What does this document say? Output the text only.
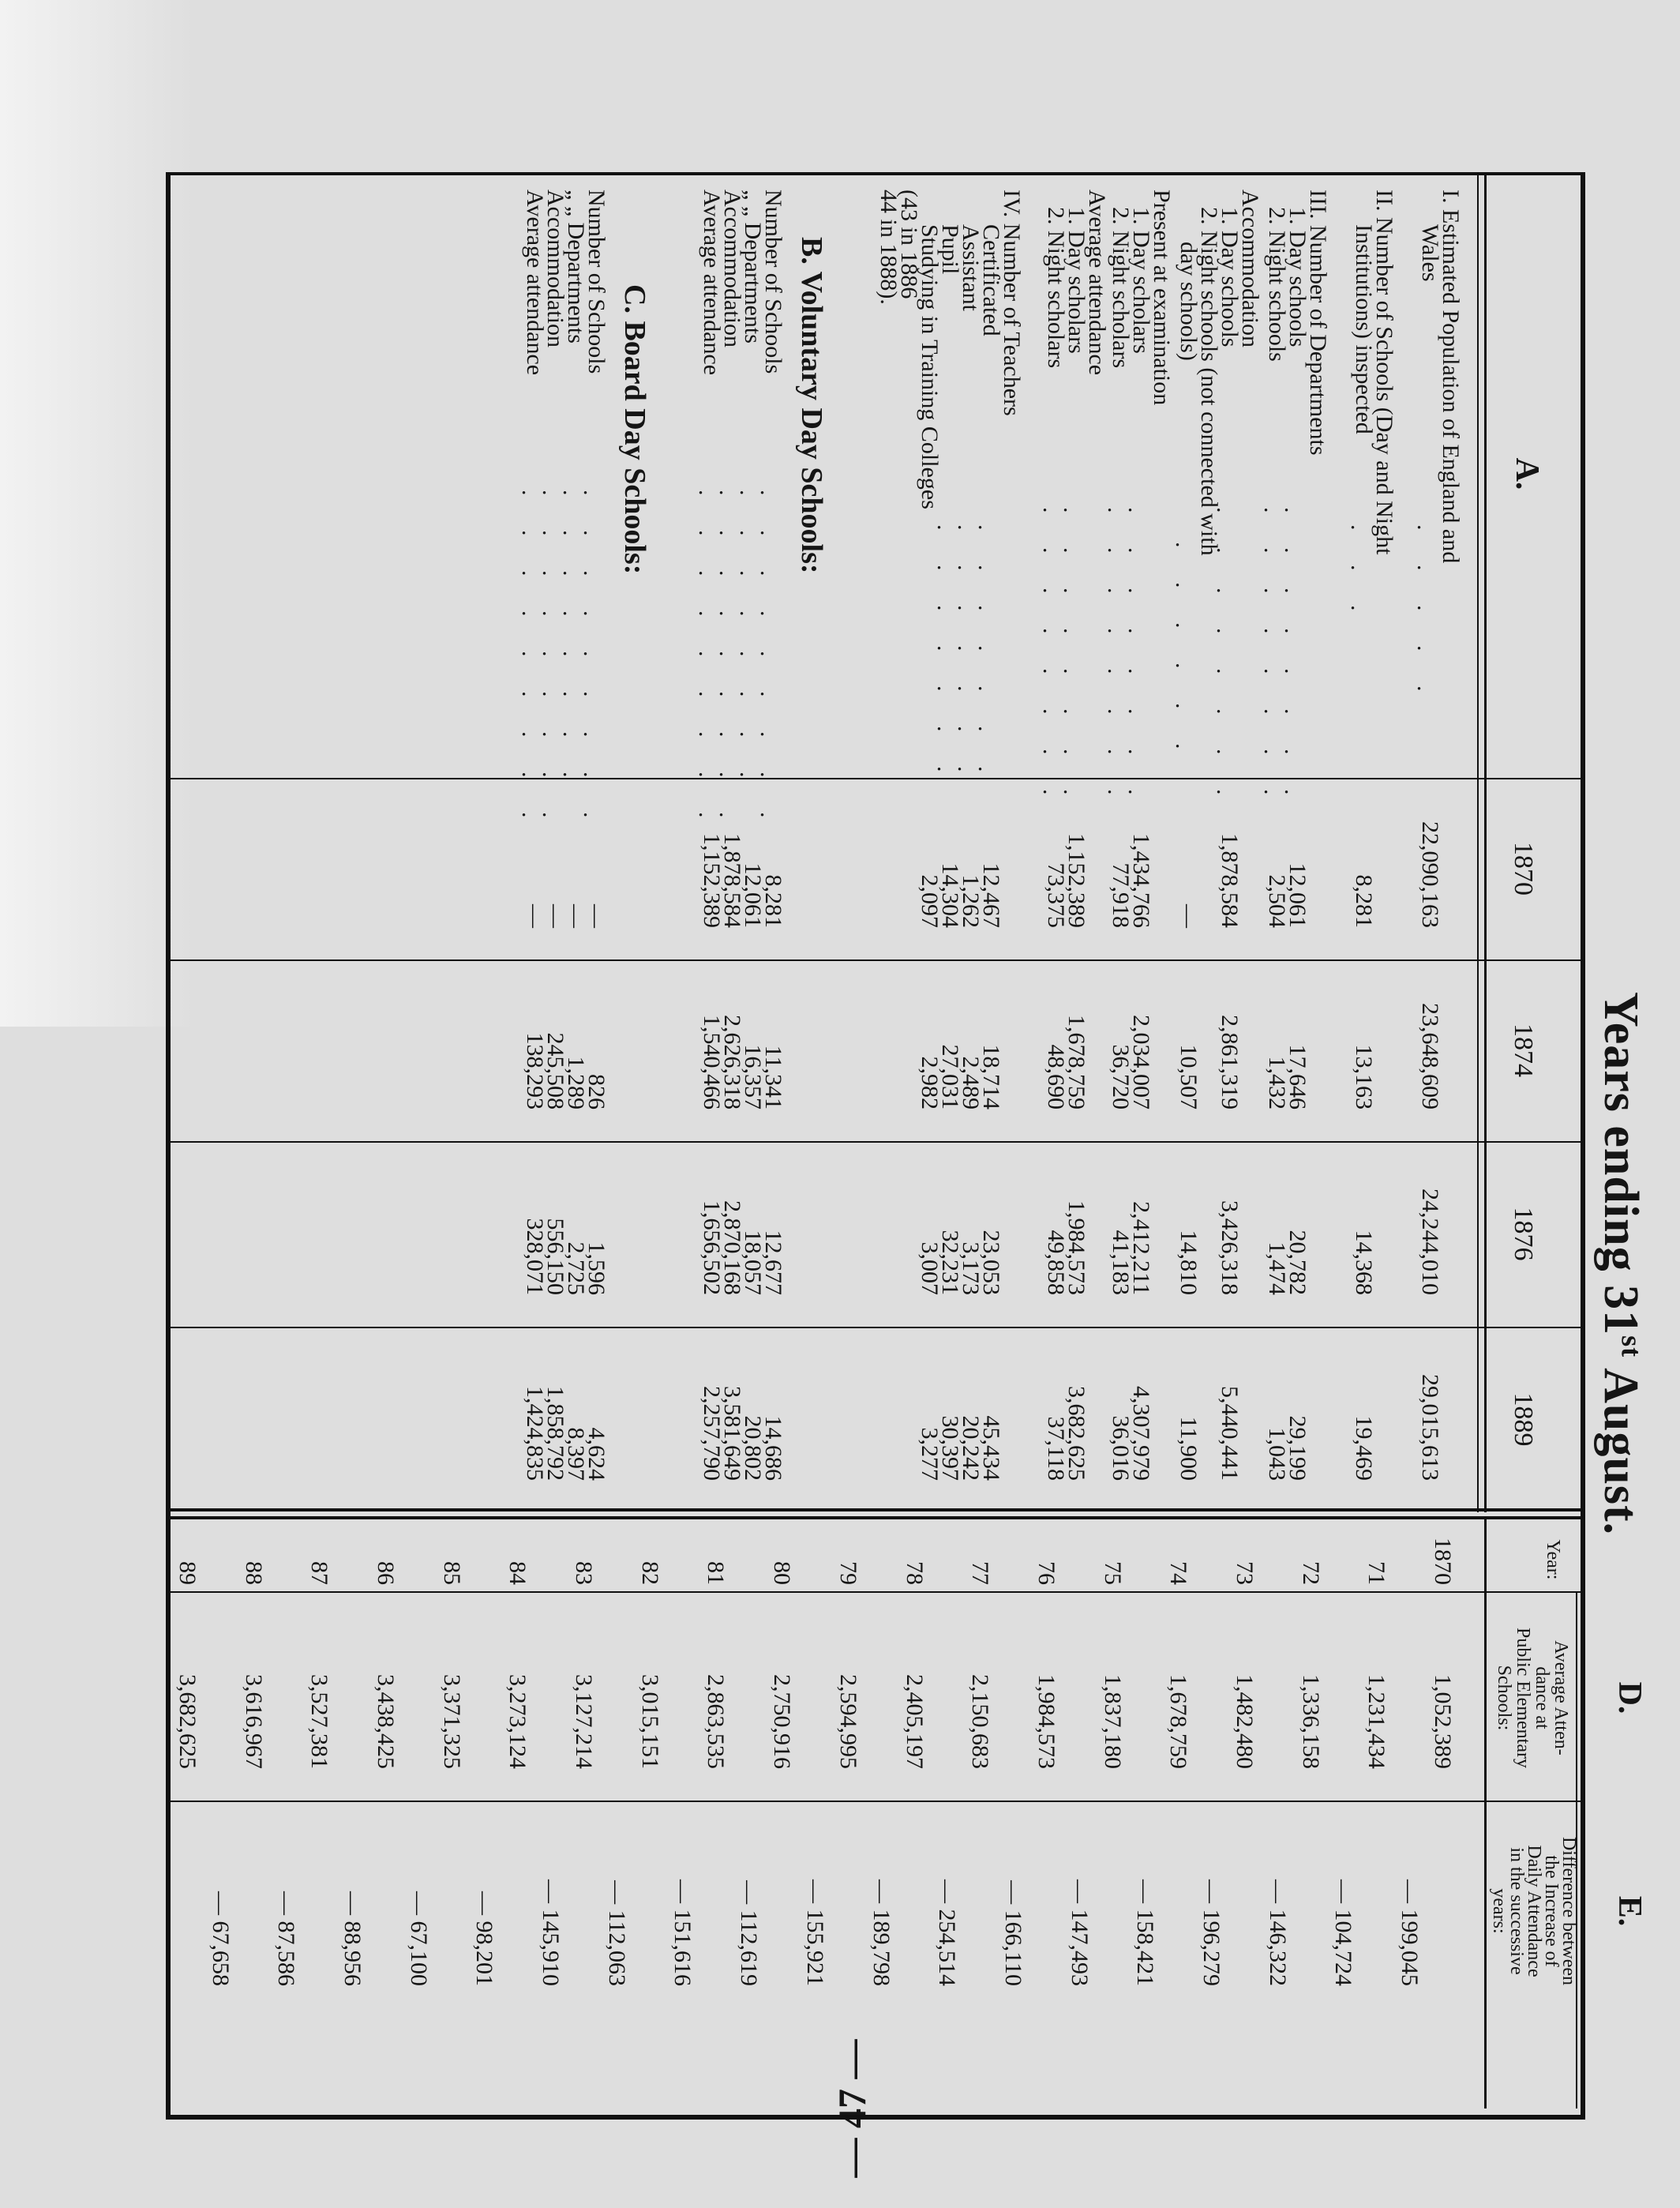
Years ending 31st August.
— 47 —
A.
1870
1874
1876
1889
I. Estimated Population of England and
Wales
. . . . .
22,090,163
23,648,609
24,244,010
29,015,613
II. Number of Schools (Day and Night
Institutions) inspected
. . .
8,281
13,163
14,368
19,469
III. Number of Departments
1. Day schools
. . . . . . . .
12,061
17,646
20,782
29,199
2. Night schools
. . . . . . . .
2,504
1,432
1,474
1,043
Accommodation
1. Day schools
. . . . . . . .
1,878,584
2,861,319
3,426,318
5,440,441
2. Night schools (not connected with
day schools)
. . . . . .
—
10,507
14,810
11,900
Present at examination
1. Day scholars
. . . . . . . .
1,434,766
2,034,007
2,412,211
4,307,979
2. Night scholars
. . . . . . . .
77,918
36,720
41,183
36,016
Average attendance
1. Day scholars
. . . . . . . .
1,152,389
1,678,759
1,984,573
3,682,625
2. Night scholars
. . . . . . . .
73,375
48,690
49,858
37,118
IV. Number of Teachers
Certificated
. . . . . . .
12,467
18,714
23,053
45,434
Assistant
. . . . . . .
1,262
2,489
3,173
20,242
Pupil
. . . . . . .
14,304
27,031
32,231
30,397
Studying in Training Colleges
2,097
2,982
3,007
3,277
(43 in 1886
44 in 1888).
B. Voluntary Day Schools:
Number of Schools
. . . . . . . . .
8,281
11,341
12,677
14,686
„ „ Departments
. . . . . . . .
12,061
16,357
18,057
20,802
Accommodation
. . . . . . . . .
1,878,584
2,626,318
2,870,168
3,581,649
Average attendance
. . . . . . . . .
1,152,389
1,540,466
1,656,502
2,257,790
C. Board Day Schools:
Number of Schools
. . . . . . . . .
—
826
1,596
4,624
„ „ Departments
. . . . . . . .
—
1,289
2,725
8,397
Accommodation
. . . . . . . . .
—
245,508
556,150
1,858,792
Average attendance
. . . . . . . . .
—
138,293
328,071
1,424,835
Year:
D.
E.
Average Atten-
dance at
Public Elementary
Schools:
Difference between
the Increase of
Daily Attendance
in the successive
years:
1870
1,052,389
— 199,045
71
1,231,434
— 104,724
72
1,336,158
— 146,322
73
1,482,480
— 196,279
74
1,678,759
— 158,421
75
1,837,180
— 147,493
76
1,984,573
— 166,110
77
2,150,683
— 254,514
78
2,405,197
— 189,798
79
2,594,995
— 155,921
80
2,750,916
— 112,619
81
2,863,535
— 151,616
82
3,015,151
— 112,063
83
3,127,214
— 145,910
84
3,273,124
— 98,201
85
3,371,325
— 67,100
86
3,438,425
— 88,956
87
3,527,381
— 87,586
88
3,616,967
— 67,658
89
3,682,625
